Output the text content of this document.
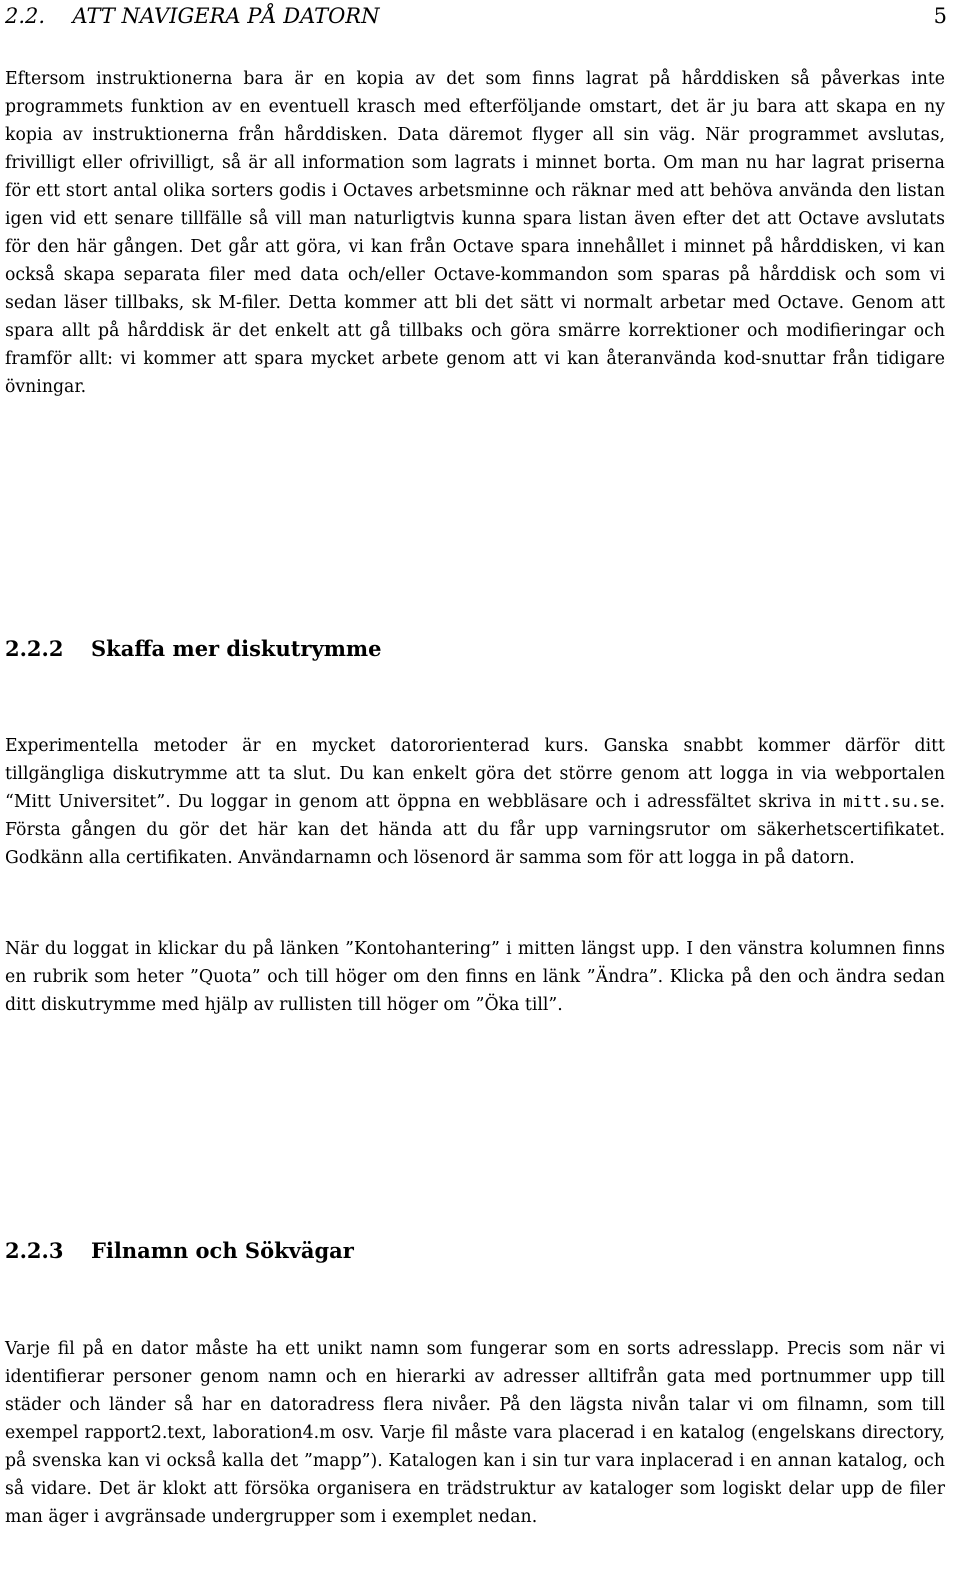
2.2. ATT NAVIGERA PÅ DATORN	5

Eftersom instruktionerna bara är en kopia av det som finns lagrat på hårddisken så påverkas inte programmets funktion av en eventuell krasch med efterföljande omstart, det är ju bara att skapa en ny kopia av instruktionerna från hårddisken. Data däremot flyger all sin väg. När programmet avslutas, frivilligt eller ofrivilligt, så är all information som lagrats i minnet borta. Om man nu har lagrat priserna för ett stort antal olika sorters godis i Octaves arbetsminne och räknar med att behöva använda den listan igen vid ett senare tillfälle så vill man naturligtvis kunna spara listan även efter det att Octave avslutats för den här gången. Det går att göra, vi kan från Octave spara innehållet i minnet på hårddisken, vi kan också skapa separata filer med data och/eller Octave-kommandon som sparas på hårddisk och som vi sedan läser tillbaks, sk M-filer. Detta kommer att bli det sätt vi normalt arbetar med Octave. Genom att spara allt på hårddisk är det enkelt att gå tillbaks och göra smärre korrektioner och modifieringar och framför allt: vi kommer att spara mycket arbete genom att vi kan återanvända kod-snuttar från tidigare övningar.

2.2.2 Skaffa mer diskutrymme

Experimentella metoder är en mycket datororienterad kurs. Ganska snabbt kommer därför ditt tillgängliga diskutrymme att ta slut. Du kan enkelt göra det större genom att logga in via webportalen “Mitt Universitet”. Du loggar in genom att öppna en webbläsare och i adressfältet skriva in mitt.su.se. Första gången du gör det här kan det hända att du får upp varningsrutor om säkerhetscertifikatet. Godkänn alla certifikaten. Användarnamn och lösenord är samma som för att logga in på datorn.

När du loggat in klickar du på länken ”Kontohantering” i mitten längst upp. I den vänstra kolumnen finns en rubrik som heter ”Quota” och till höger om den finns en länk ”Ändra”. Klicka på den och ändra sedan ditt diskutrymme med hjälp av rullisten till höger om ”Öka till”.

2.2.3 Filnamn och Sökvägar

Varje fil på en dator måste ha ett unikt namn som fungerar som en sorts adresslapp. Precis som när vi identifierar personer genom namn och en hierarki av adresser alltifrån gata med portnummer upp till städer och länder så har en datoradress flera nivåer. På den lägsta nivån talar vi om filnamn, som till exempel rapport2.text, laboration4.m osv. Varje fil måste vara placerad i en katalog (engelskans directory, på svenska kan vi också kalla det ”mapp”). Katalogen kan i sin tur vara inplacerad i en annan katalog, och så vidare. Det är klokt att försöka organisera en trädstruktur av kataloger som logiskt delar upp de filer man äger i avgränsade undergrupper som i exemplet nedan.
